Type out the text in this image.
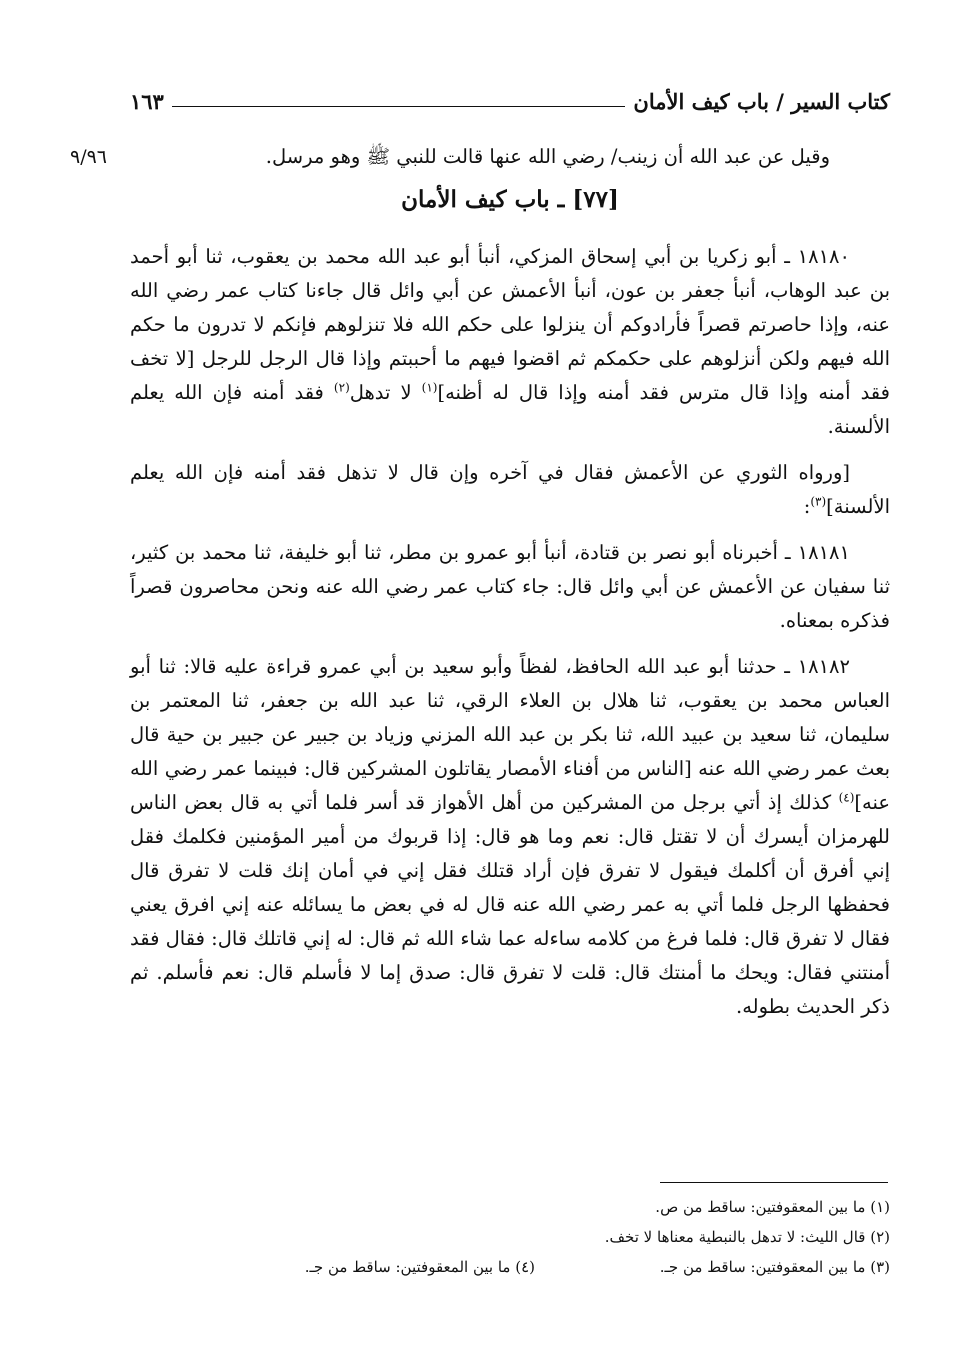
كتاب السير / باب كيف الأمان
١٦٣
٩/٩٦	وقيل عن عبد الله أن زينب/ رضي الله عنها قالت للنبي ﷺ وهو مرسل.
[٧٧] ـ باب كيف الأمان

١٨١٨٠ ـ أبو زكريا بن أبي إسحاق المزكي، أنبأ أبو عبد الله محمد بن يعقوب، ثنا أبو أحمد بن عبد الوهاب، أنبأ جعفر بن عون، أنبأ الأعمش عن أبي وائل قال جاءنا كتاب عمر رضي الله عنه، وإذا حاصرتم قصراً فأرادوكم أن ينزلوا على حكم الله فلا تنزلوهم فإنكم لا تدرون ما حكم الله فيهم ولكن أنزلوهم على حكمكم ثم اقضوا فيهم ما أحببتم وإذا قال الرجل للرجل [لا تخف فقد أمنه وإذا قال مترس فقد أمنه وإذا قال له أظنه]$^{(١)}$ لا تدهل$^{(٢)}$ فقد أمنه فإن الله يعلم الألسنة.

[ورواه الثوري عن الأعمش فقال في آخره وإن قال لا تذهل فقد أمنه فإن الله يعلم الألسنة]$^{(٣)}$:

١٨١٨١ ـ أخبرناه أبو نصر بن قتادة، أنبأ أبو عمرو بن مطر، ثنا أبو خليفة، ثنا محمد بن كثير، ثنا سفيان عن الأعمش عن أبي وائل قال: جاء كتاب عمر رضي الله عنه ونحن محاصرون قصراً فذكره بمعناه.

١٨١٨٢ ـ حدثنا أبو عبد الله الحافظ، لفظاً وأبو سعيد بن أبي عمرو قراءة عليه قالا: ثنا أبو العباس محمد بن يعقوب، ثنا هلال بن العلاء الرقي، ثنا عبد الله بن جعفر، ثنا المعتمر بن سليمان، ثنا سعيد بن عبيد الله، ثنا بكر بن عبد الله المزني وزياد بن جبير عن جبير بن حية قال بعث عمر رضي الله عنه [الناس من أفناء الأمصار يقاتلون المشركين قال: فبينما عمر رضي الله عنه]$^{(٤)}$ كذلك إذ أتي برجل من المشركين من أهل الأهواز قد أسر فلما أتي به قال بعض الناس للهرمزان أيسرك أن لا تقتل قال: نعم وما هو قال: إذا قربوك من أمير المؤمنين فكلمك فقل إني أفرق أن أكلمك فيقول لا تفرق فإن أراد قتلك فقل إني في أمان إنك قلت لا تفرق قال فحفظها الرجل فلما أتي به عمر رضي الله عنه قال له في بعض ما يسائله عنه إني افرق يعني فقال لا تفرق قال: فلما فرغ من كلامه ساءله عما شاء الله ثم قال: له إني قاتلك قال: فقال فقد أمنتني فقال: ويحك ما أمنتك قال: قلت لا تفرق قال: صدق إما لا فأسلم قال: نعم فأسلم. ثم ذكر الحديث بطوله.

(١) ما بين المعقوفتين: ساقط من ص.
(٢) قال الليث: لا تدهل بالنبطية معناها لا تخف.
(٣) ما بين المعقوفتين: ساقط من جـ.
(٤) ما بين المعقوفتين: ساقط من جـ.
